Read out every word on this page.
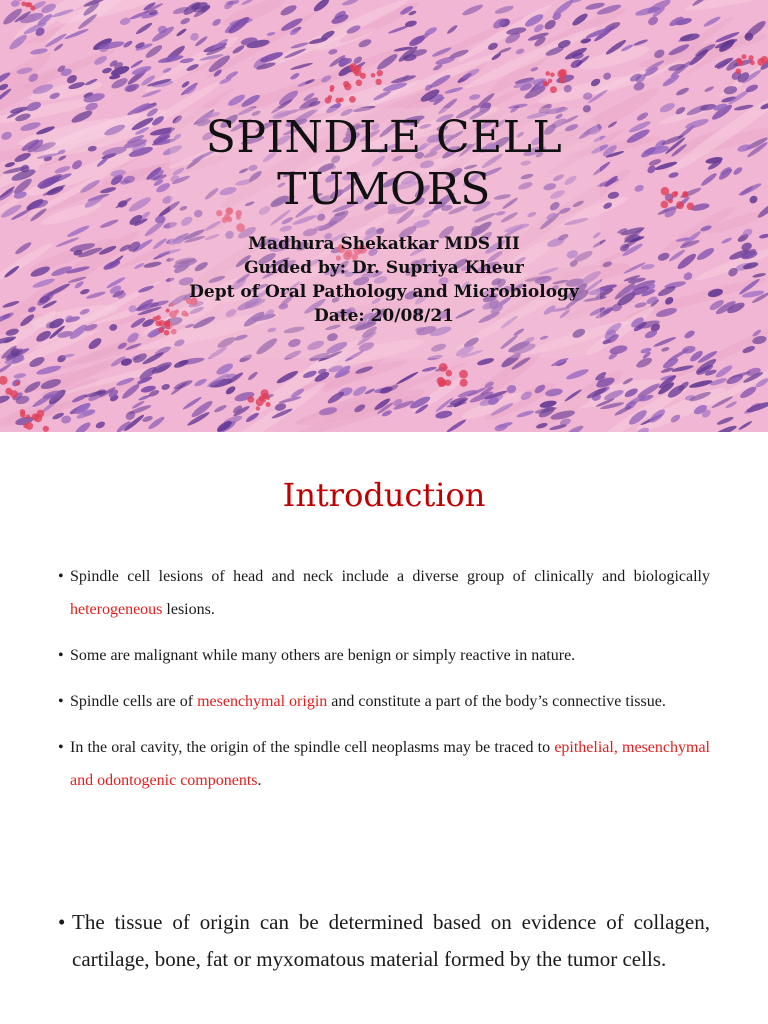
SPINDLE CELL
TUMORS
Madhura Shekatkar MDS III
Guided by: Dr. Supriya Kheur
Dept of Oral Pathology and Microbiology
Date: 20/08/21
Introduction
• Spindle cell lesions of head and neck include a diverse group of clinically and biologically heterogeneous lesions.
• Some are malignant while many others are benign or simply reactive in nature.
• Spindle cells are of mesenchymal origin and constitute a part of the body’s connective tissue.
• In the oral cavity, the origin of the spindle cell neoplasms may be traced to epithelial, mesenchymal and odontogenic components.
• The tissue of origin can be determined based on evidence of collagen, cartilage, bone, fat or myxomatous material formed by the tumor cells.
